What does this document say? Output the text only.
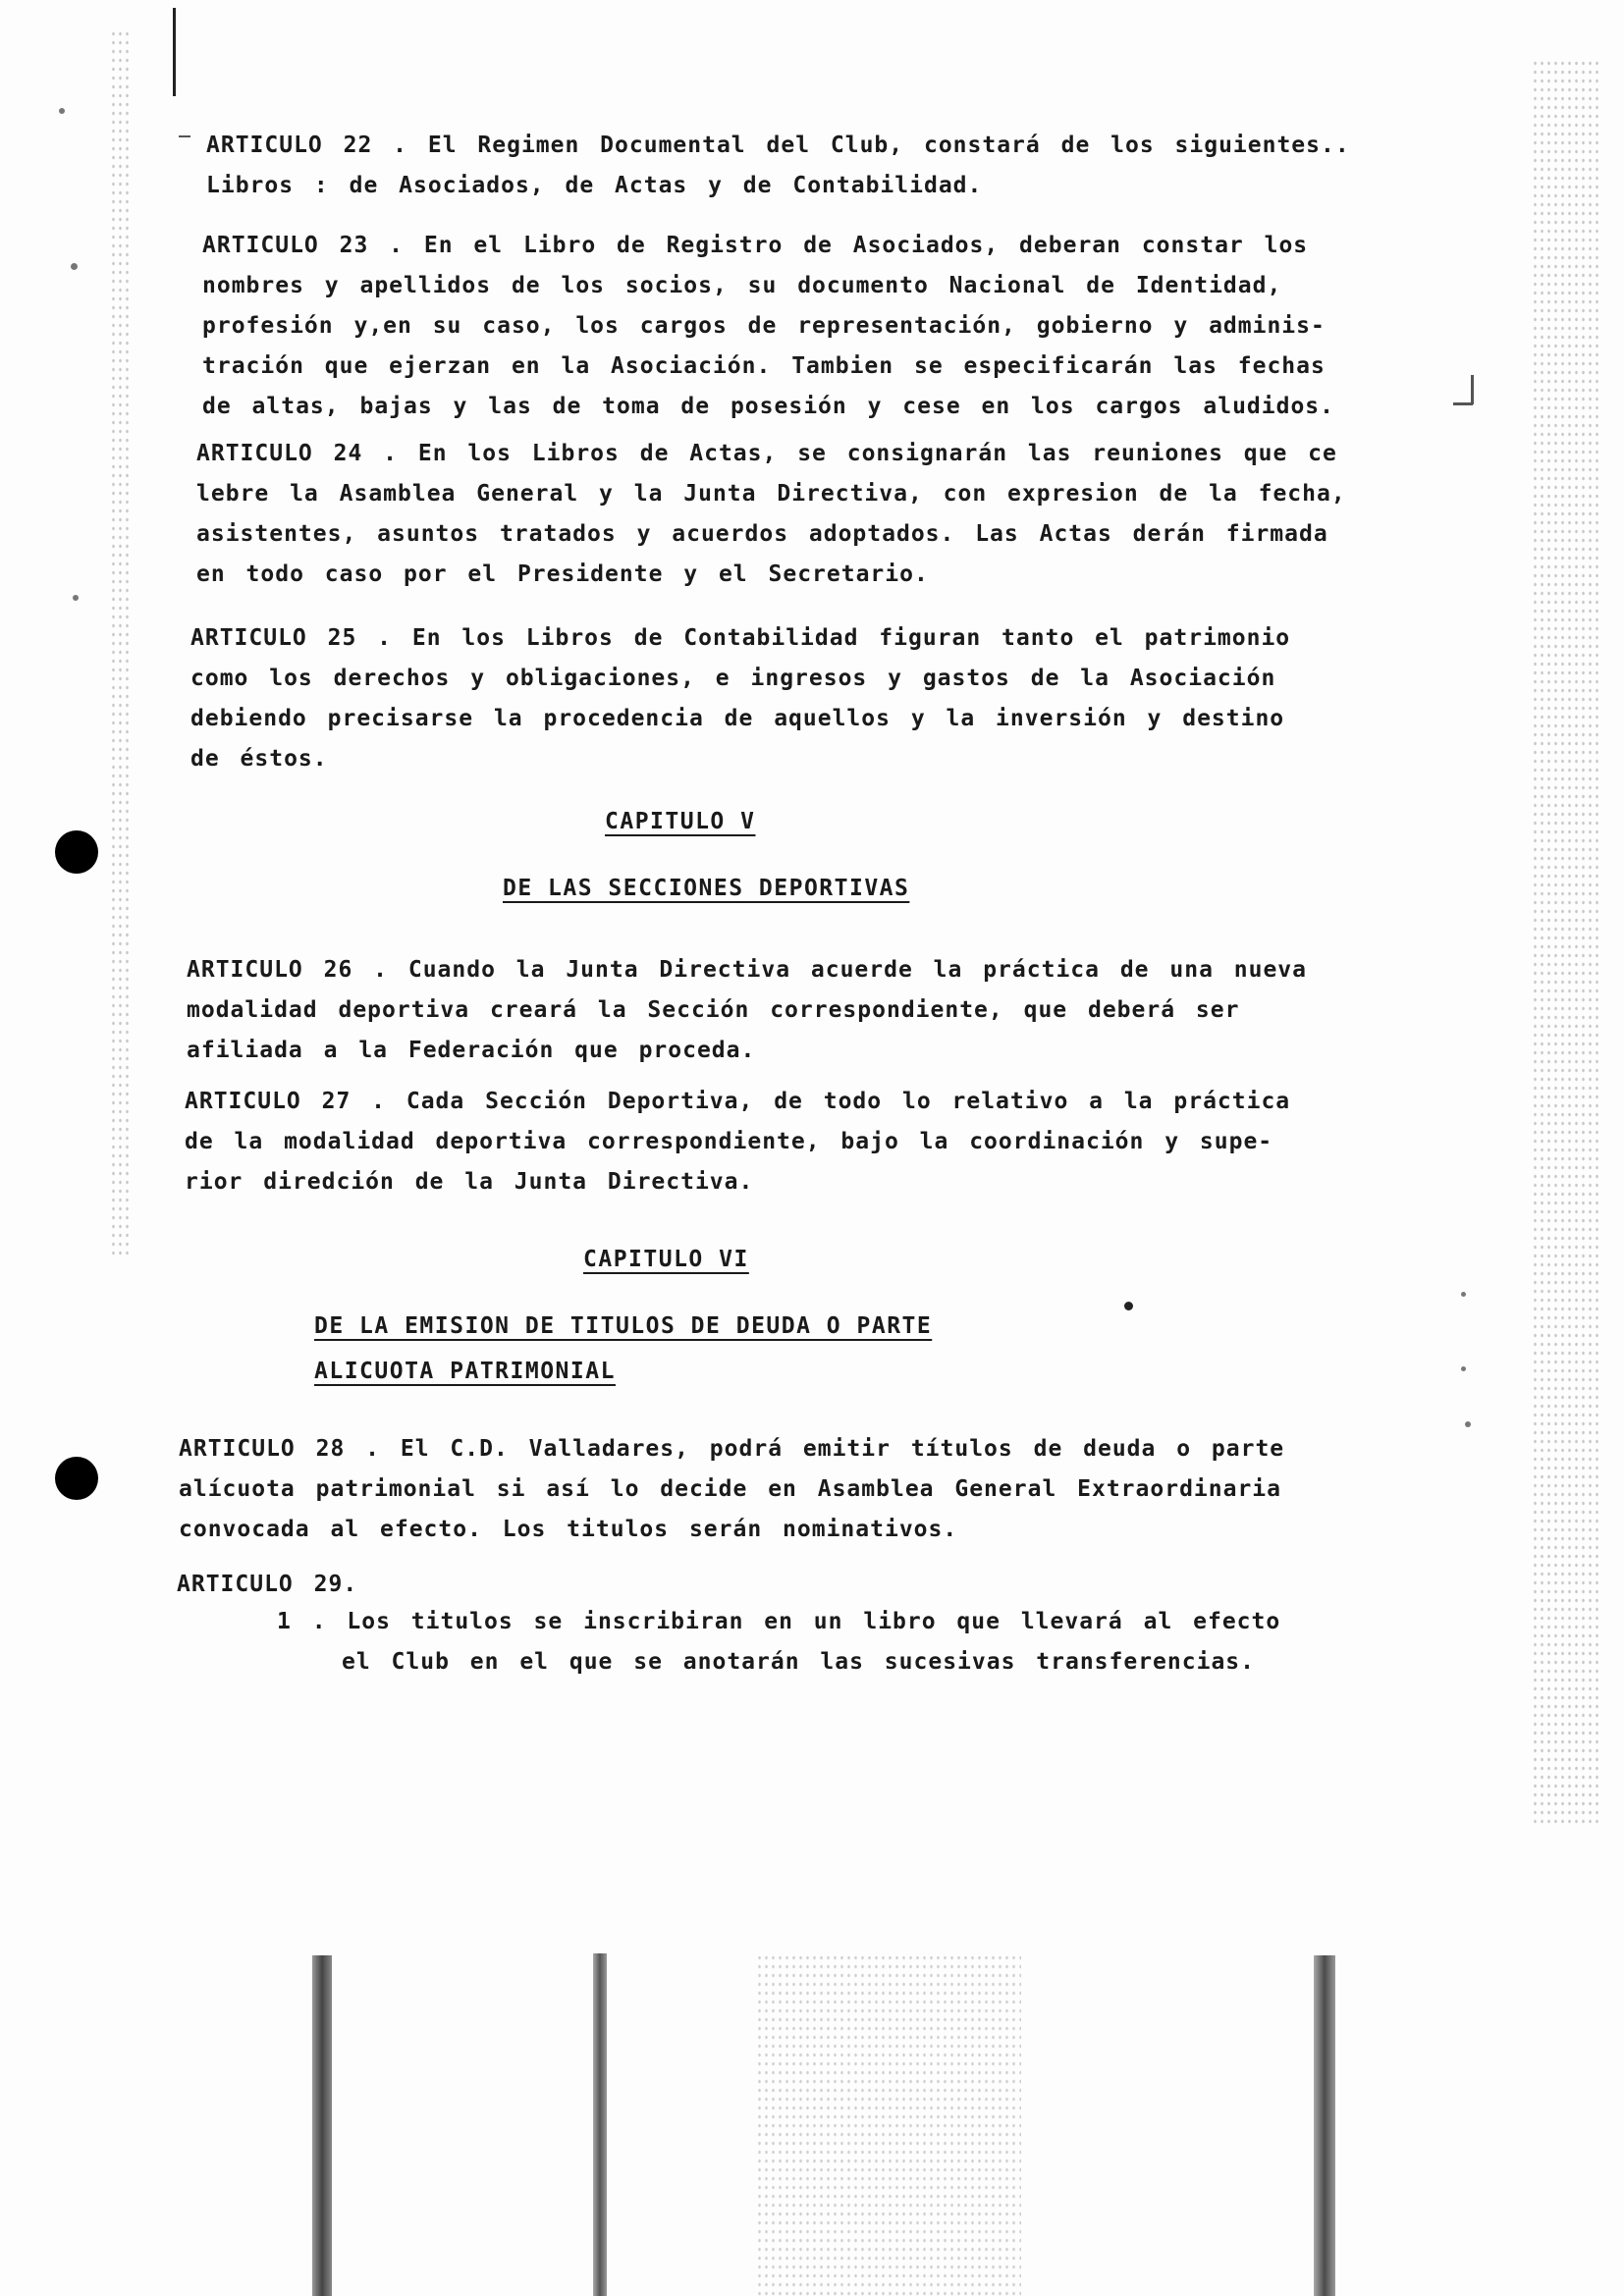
ARTICULO 22 . El Regimen Documental del Club, constará de los siguientes..
Libros : de Asociados, de Actas y de Contabilidad.

ARTICULO 23 . En el Libro de Registro de Asociados, deberan constar los
nombres y apellidos de los socios, su documento Nacional de Identidad,
profesión y,en su caso, los cargos de representación, gobierno y adminis-
tración que ejerzan en la Asociación. Tambien se especificarán las fechas
de altas, bajas y las de toma de posesión y cese en los cargos aludidos.

ARTICULO 24 . En los Libros de Actas, se consignarán las reuniones que ce
lebre la Asamblea General y la Junta Directiva, con expresion de la fecha,
asistentes, asuntos tratados y acuerdos adoptados. Las Actas derán firmada
en todo caso por el Presidente y el Secretario.

ARTICULO 25 . En los Libros de Contabilidad figuran tanto el patrimonio
como los derechos y obligaciones, e ingresos y gastos de la Asociación
debiendo precisarse la procedencia de aquellos y la inversión y destino
de éstos.

CAPITULO V

DE LAS SECCIONES DEPORTIVAS

ARTICULO 26 . Cuando la Junta Directiva acuerde la práctica de una nueva
modalidad deportiva creará la Sección correspondiente, que deberá ser
afiliada a la Federación que proceda.

ARTICULO 27 . Cada Sección Deportiva, de todo lo relativo a la práctica
de la modalidad deportiva correspondiente, bajo la coordinación y supe-
rior diredción de la Junta Directiva.

CAPITULO VI

DE LA EMISION DE TITULOS DE DEUDA O PARTE

ALICUOTA PATRIMONIAL

ARTICULO 28 . El C.D. Valladares, podrá emitir títulos de deuda o parte
alícuota patrimonial si así lo decide en Asamblea General Extraordinaria
convocada al efecto. Los titulos serán nominativos.

ARTICULO 29.

1 . Los titulos se inscribiran en un libro que llevará al efecto
el Club en el que se anotarán las sucesivas transferencias.
